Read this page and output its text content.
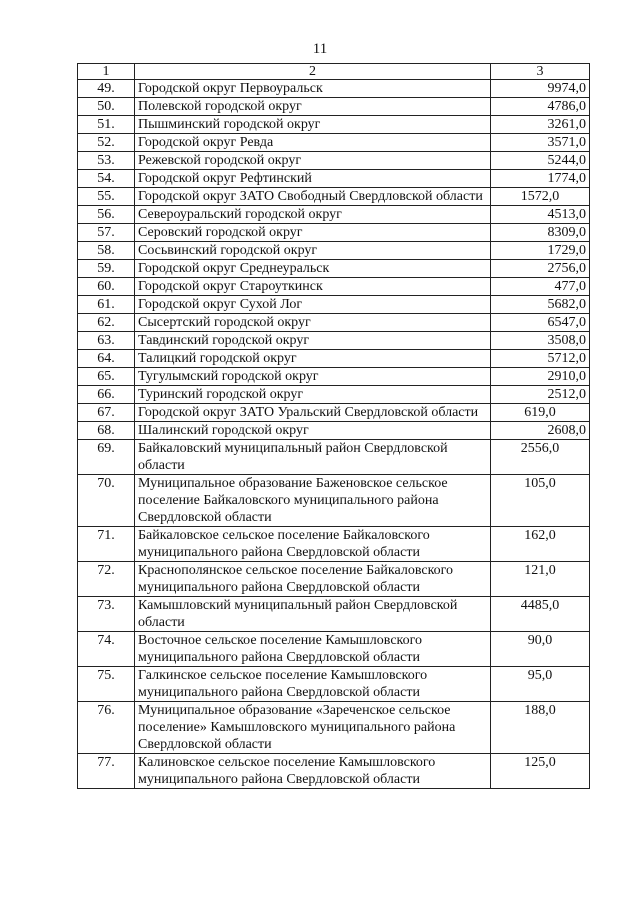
11
1	2	3
49.	Городской округ Первоуральск	9974,0
50.	Полевской городской округ	4786,0
51.	Пышминский городской округ	3261,0
52.	Городской округ Ревда	3571,0
53.	Режевской городской округ	5244,0
54.	Городской округ Рефтинский	1774,0
55.	Городской округ ЗАТО Свободный Свердловской области	1572,0
56.	Североуральский городской округ	4513,0
57.	Серовский городской округ	8309,0
58.	Сосьвинский городской округ	1729,0
59.	Городской округ Среднеуральск	2756,0
60.	Городской округ Староуткинск	477,0
61.	Городской округ Сухой Лог	5682,0
62.	Сысертский городской округ	6547,0
63.	Тавдинский городской округ	3508,0
64.	Талицкий городской округ	5712,0
65.	Тугулымский городской округ	2910,0
66.	Туринский городской округ	2512,0
67.	Городской округ ЗАТО Уральский Свердловской области	619,0
68.	Шалинский городской округ	2608,0
69.	Байкаловский муниципальный район Свердловской области	2556,0
70.	Муниципальное образование Баженовское сельское поселение Байкаловского муниципального района Свердловской области	105,0
71.	Байкаловское сельское поселение Байкаловского муниципального района Свердловской области	162,0
72.	Краснополянское сельское поселение Байкаловского муниципального района Свердловской области	121,0
73.	Камышловский муниципальный район Свердловской области	4485,0
74.	Восточное сельское поселение Камышловского муниципального района Свердловской области	90,0
75.	Галкинское сельское поселение Камышловского муниципального района Свердловской области	95,0
76.	Муниципальное образование «Зареченское сельское поселение» Камышловского муниципального района Свердловской области	188,0
77.	Калиновское сельское поселение Камышловского муниципального района Свердловской области	125,0
